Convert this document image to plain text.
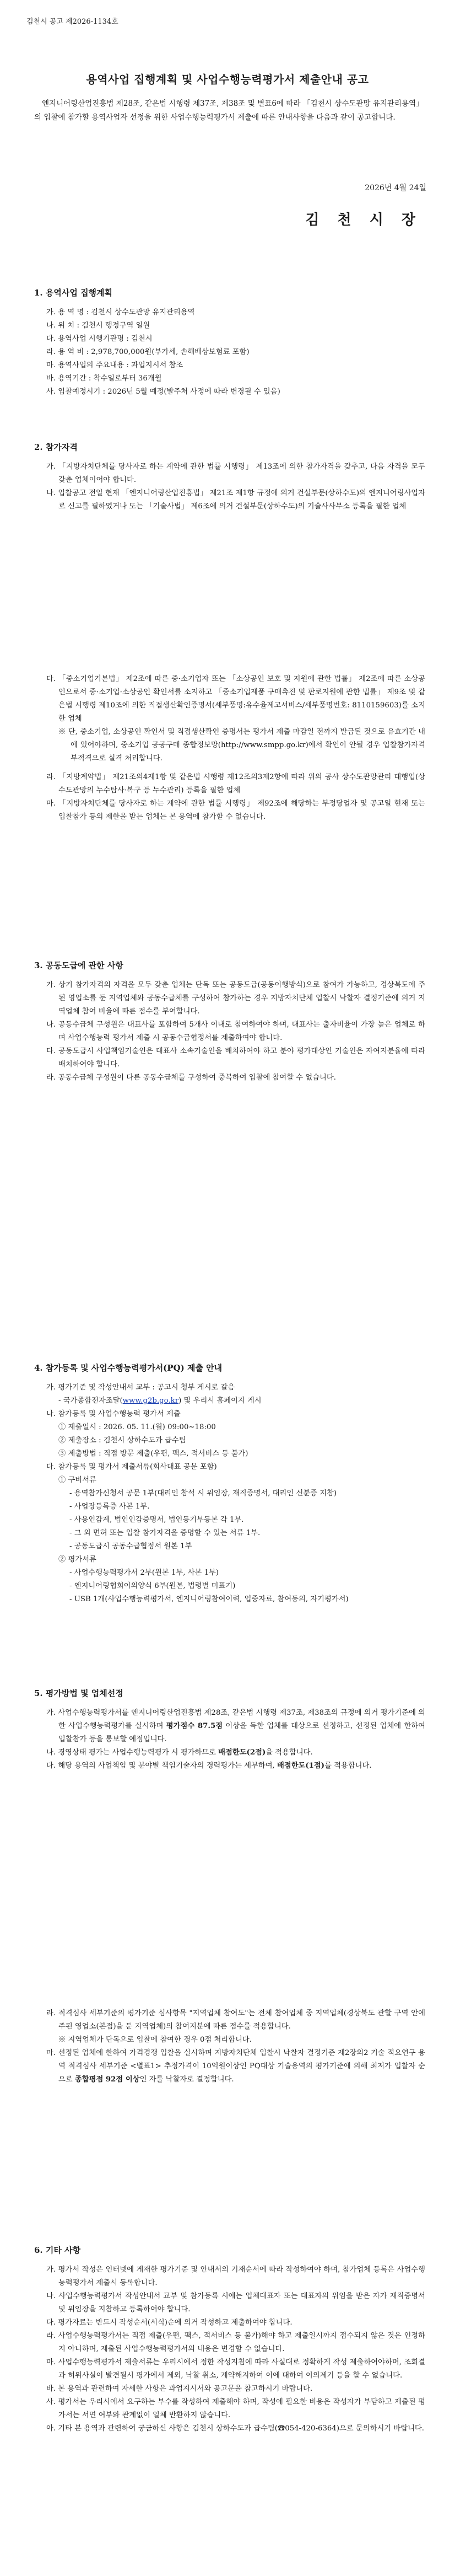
김천시 공고 제2026-1134호
용역사업 집행계획 및 사업수행능력평가서 제출안내 공고
엔지니어링산업진흥법 제28조, 같은법 시행령 제37조, 제38조 및 별표6에 따라 「김천시 상수도관망 유지관리용역」의 입찰에 참가할 용역사업자 선정을 위한 사업수행능력평가서 제출에 따른 안내사항을 다음과 같이 공고합니다.
2026년 4월 24일
김 천 시 장
1. 용역사업 집행계획
가. 용 역 명 : 김천시 상수도관망 유지관리용역
나. 위 치 : 김천시 행정구역 일원
다. 용역사업 시행기관명 : 김천시
라. 용 역 비 : 2,978,700,000원(부가세, 손해배상보험료 포함)
마. 용역사업의 주요내용 : 과업지시서 참조
바. 용역기간 : 착수일로부터 36개월
사. 입찰예정시기 : 2026년 5월 예정(발주처 사정에 따라 변경될 수 있음)
2. 참가자격
가. 「지방자치단체를 당사자로 하는 계약에 관한 법률 시행령」 제13조에 의한 참가자격을 갖추고, 다음 자격을 모두 갖춘 업체이어야 합니다.
나. 입찰공고 전일 현재 「엔지니어링산업진흥법」 제21조 제1항 규정에 의거 건설부문(상하수도)의 엔지니어링사업자로 신고를 필하였거나 또는 「기술사법」 제6조에 의거 건설부문(상하수도)의 기술사사무소 등록을 필한 업체
다. 「중소기업기본법」 제2조에 따른 중·소기업자 또는 「소상공인 보호 및 지원에 관한 법률」 제2조에 따른 소상공인으로서 중·소기업·소상공인 확인서를 소지하고 「중소기업제품 구매촉진 및 판로지원에 관한 법률」 제9조 및 같은법 시행령 제10조에 의한 직접생산확인증명서(세부품명:유수율제고서비스/세부품명번호: 8110159603)를 소지한 업체
※ 단, 중소기업, 소상공인 확인서 및 직접생산확인 증명서는 평가서 제출 마감일 전까지 발급된 것으로 유효기간 내에 있어야하며, 중소기업 공공구매 종합정보망(http://www.smpp.go.kr)에서 확인이 안될 경우 입찰참가자격 부적격으로 실격 처리합니다.
라. 「지방계약법」 제21조의4제1항 및 같은법 시행령 제12조의3제2항에 따라 위의 공사 상수도관망관리 대행업(상수도관망의 누수탐사·복구 등 누수관리) 등록을 필한 업체
마. 「지방자치단체를 당사자로 하는 계약에 관한 법률 시행령」 제92조에 해당하는 부정당업자 및 공고일 현재 또는 입찰참가 등의 제한을 받는 업체는 본 용역에 참가할 수 없습니다.
3. 공동도급에 관한 사항
가. 상기 참가자격의 자격을 모두 갖춘 업체는 단독 또는 공동도급(공동이행방식)으로 참여가 가능하고, 경상북도에 주된 영업소를 둔 지역업체와 공동수급체를 구성하여 참가하는 경우 지방자치단체 입찰시 낙찰자 결정기준에 의거 지역업체 참여 비율에 따른 점수를 부여합니다.
나. 공동수급체 구성원은 대표사를 포함하여 5개사 이내로 참여하여야 하며, 대표사는 출자비율이 가장 높은 업체로 하며 사업수행능력 평가서 제출 시 공동수급협정서를 제출하여야 합니다.
다. 공동도급시 사업책임기술인은 대표사 소속기술인을 배치하여야 하고 분야 평가대상인 기술인은 자여지분율에 따라 배치하여야 합니다.
라. 공동수급체 구성원이 다른 공동수급체를 구성하여 중복하여 입찰에 참여할 수 없습니다.
4. 참가등록 및 사업수행능력평가서(PQ) 제출 안내
가. 평가기준 및 작성안내서 교부 : 공고시 청부 게시로 갈음
- 국가종합전자조달(www.g2b.go.kr) 및 우리시 홈페이지 게시
나. 참가등록 및 사업수행능력 평가서 제출
① 제출일시 : 2026. 05. 11.(월) 09:00~18:00
② 제출장소 : 김천시 상하수도과 급수팀
③ 제출방법 : 직접 방문 제출(우편, 팩스, 적서비스 등 불가)
다. 참가등록 및 평가서 제출서류(회사대표 공문 포함)
① 구비서류
- 용역참가신청서 공문 1부(대리인 참석 시 위임장, 재직증명서, 대리인 신분증 지참)
- 사업장등록증 사본 1부.
- 사용인감계, 법인인감증명서, 법인등기부등본 각 1부.
- 그 외 면허 또는 입찰 참가자격을 증명할 수 있는 서류 1부.
- 공동도급시 공동수급협정서 원본 1부
② 평가서류
- 사업수행능력평가서 2부(원본 1부, 사본 1부)
- 엔지니어링협회이의양식 6부(원본, 법령별 미표기)
- USB 1개(사업수행능력평가서, 엔지니어링참여이력, 입증자료, 참여동의, 자기평가서)
5. 평가방법 및 업체선정
가. 사업수행능력평가서를 엔지니어링산업진흥법 제28조, 같은법 시행령 제37조, 제38조의 규정에 의거 평가기준에 의한 사업수행능력평가를 실시하며 평가점수 87.5점 이상을 득한 업체를 대상으로 선정하고, 선정된 업체에 한하여 입찰참가 등을 통보할 예정입니다.
나. 경영상태 평가는 사업수행능력평가 시 평가하므로 배점한도(2점)을 적용합니다.
다. 해당 용역의 사업책임 및 분야별 책임기술자의 경력평가는 세부하여, 배점한도(1점)를 적용합니다.
라. 적격심사 세부기준의 평가기준 심사항목 "지역업체 참여도"는 전체 참여업체 중 지역업체(경상북도 관할 구역 안에 주된 영업소(본점)을 둔 지역업체)의 참여지분에 따른 점수를 적용합니다.
※ 지역업체가 단독으로 입찰에 참여한 경우 0점 처리합니다.
마. 선정된 업체에 한하여 가격경쟁 입찰을 실시하며 지방자치단체 입찰시 낙찰자 결정기준 제2장의2 기술 적요연구 용역 적격심사 세부기준 <별표1> 추정가격이 10억원이상인 PQ대상 기술용역의 평가기준에 의해 최저가 입찰자 순으로 종합평점 92점 이상인 자를 낙찰자로 결정합니다.
6. 기타 사항
가. 평가서 작성은 인터넷에 게재한 평가기준 및 안내서의 기재순서에 따라 작성하여야 하며, 참가업체 등록은 사업수행능력평가서 제출시 등록합니다.
나. 사업수행능력평가서 작성안내서 교부 및 참가등록 시에는 업체대표자 또는 대표자의 위임을 받은 자가 재직증명서 및 위임장을 지참하고 등록하여야 합니다.
다. 평가자료는 반드시 작성순서(서식)순에 의거 작성하고 제출하여야 합니다.
라. 사업수행능력평가서는 직접 제출(우편, 팩스, 적서비스 등 불가)해야 하고 제출일시까지 접수되지 않은 것은 인정하지 아니하며, 제출된 사업수행능력평가서의 내용은 변경할 수 없습니다.
마. 사업수행능력평가서 제출서류는 우리시에서 정한 작성지침에 따라 사실대로 정확하게 작성 제출하여야하며, 조회결과 허위사실이 발견될시 평가에서 제외, 낙찰 취소, 계약해지하여 이에 대하여 이의제기 등을 할 수 없습니다.
바. 본 용역과 관련하여 자세한 사항은 과업지시서와 공고문을 참고하시기 바랍니다.
사. 평가서는 우리시에서 요구하는 부수를 작성하여 제출해야 하며, 작성에 필요한 비용은 작성자가 부담하고 제출된 평가서는 서면 여부와 관계없이 일체 반환하지 않습니다.
아. 기타 본 용역과 관련하여 궁금하신 사항은 김천시 상하수도과 급수팀(☎054-420-6364)으로 문의하시기 바랍니다.
